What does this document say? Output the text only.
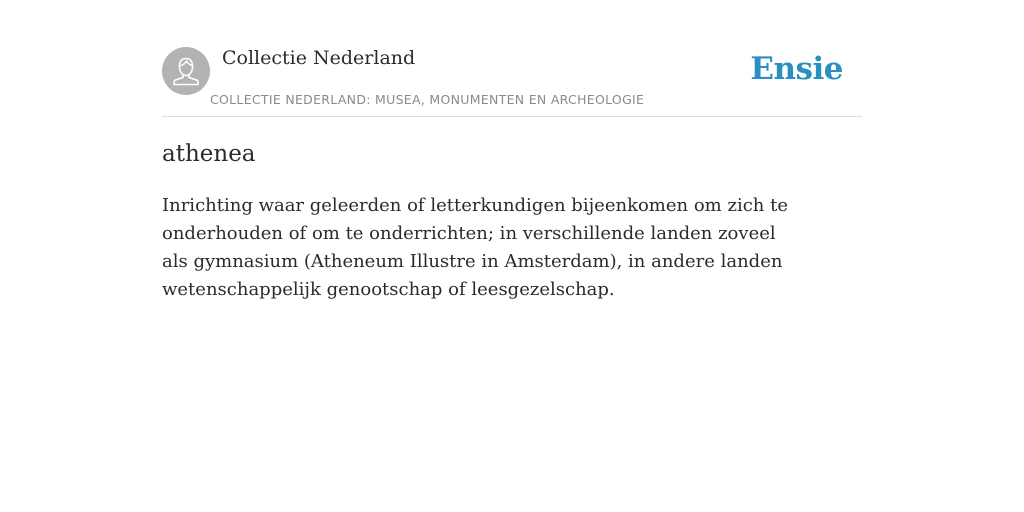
Collectie Nederland
COLLECTIE NEDERLAND: MUSEA, MONUMENTEN EN ARCHEOLOGIE
Ensie
athenea

Inrichting waar geleerden of letterkundigen bijeenkomen om zich te onderhouden of om te onderrichten; in verschillende landen zoveel als gymnasium (Atheneum Illustre in Amsterdam), in andere landen wetenschappelijk genootschap of leesgezelschap.
